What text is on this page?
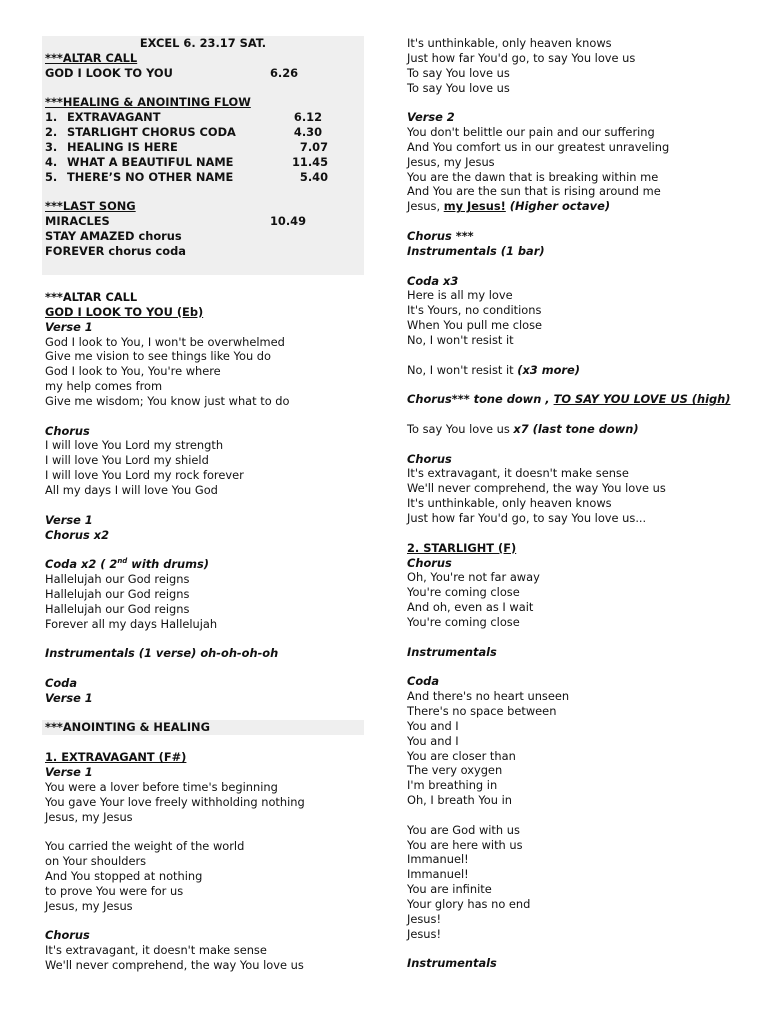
EXCEL 6. 23.17 SAT.
***ALTAR CALL
GOD I LOOK TO YOU	6.26
***HEALING & ANOINTING FLOW
1. EXTRAVAGANT	6.12
2. STARLIGHT CHORUS CODA	4.30
3. HEALING IS HERE	7.07
4. WHAT A BEAUTIFUL NAME	11.45
5. THERE’S NO OTHER NAME	5.40
***LAST SONG
MIRACLES	10.49
STAY AMAZED chorus
FOREVER chorus coda
***ALTAR CALL
GOD I LOOK TO YOU (Eb)
Verse 1
God I look to You, I won't be overwhelmed
Give me vision to see things like You do
God I look to You, You're where
my help comes from
Give me wisdom; You know just what to do
Chorus
I will love You Lord my strength
I will love You Lord my shield
I will love You Lord my rock forever
All my days I will love You God
Verse 1
Chorus x2
Coda x2 ( 2nd with drums)
Hallelujah our God reigns
Hallelujah our God reigns
Hallelujah our God reigns
Forever all my days Hallelujah
Instrumentals (1 verse) oh-oh-oh-oh
Coda
Verse 1
***ANOINTING & HEALING
1. EXTRAVAGANT (F#)
Verse 1
You were a lover before time's beginning
You gave Your love freely withholding nothing
Jesus, my Jesus
You carried the weight of the world
on Your shoulders
And You stopped at nothing
to prove You were for us
Jesus, my Jesus
Chorus
It's extravagant, it doesn't make sense
We'll never comprehend, the way You love us
It's unthinkable, only heaven knows
Just how far You'd go, to say You love us
To say You love us
To say You love us
Verse 2
You don't belittle our pain and our suffering
And You comfort us in our greatest unraveling
Jesus, my Jesus
You are the dawn that is breaking within me
And You are the sun that is rising around me
Jesus, my Jesus! (Higher octave)
Chorus ***
Instrumentals (1 bar)
Coda x3
Here is all my love
It's Yours, no conditions
When You pull me close
No, I won't resist it
No, I won't resist it (x3 more)
Chorus*** tone down , TO SAY YOU LOVE US (high)
To say You love us x7 (last tone down)
Chorus
It's extravagant, it doesn't make sense
We'll never comprehend, the way You love us
It's unthinkable, only heaven knows
Just how far You'd go, to say You love us...
2. STARLIGHT (F)
Chorus
Oh, You're not far away
You're coming close
And oh, even as I wait
You're coming close
Instrumentals
Coda
And there's no heart unseen
There's no space between
You and I
You and I
You are closer than
The very oxygen
I'm breathing in
Oh, I breath You in
You are God with us
You are here with us
Immanuel!
Immanuel!
You are infinite
Your glory has no end
Jesus!
Jesus!
Instrumentals
